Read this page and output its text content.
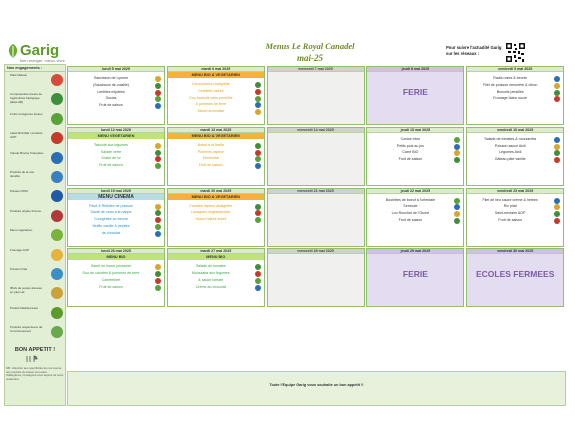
Garig
bien-manger, mieux-vivre
Menus Le Royal Canadel
mai-25
Pour suivre l'actualité Garig sur les réseaux :
Nos engagements :
Plats Maison
Composantes issues de l'agriculture biologique (label AB)
Fruits et légumes locaux
Label ROUGE / produits AOP
Viande Bovine Française
Produits de la mer durable
Poisson MSC
Produits origine France
Menu végétarien
Fromage AOP
Poisson frais
Œufs de poules élevées en plein air
Produit Méditerranée
Produits respectueux de l'environnement
BON APPETIT !
NB : Attention aux spécificités de nos menus, nos produits de saison ou locaux, d'allergènes, renseignez-vous auprès de votre restaurant.
lundi 5 mai 2025
Saucisson de Lyonne
(Saucisson de volaille)
Lentilles mijotées
Gouda
Fruit de saison
mardi 6 mai 2025
MENU BIO & VEGETARIEN
Concombres vinaigrette
Omelette nature
Duo haricots verts persillés
& pommes de terre
Yaourt aromatisé
mercredi 7 mai 2025	jeudi 8 mai 2025
FERIE
vendredi 9 mai 2025
Radis roses & beurre
Filet de poisson meunière & citron
Brocolis persillés
Fromage blanc sucré
lundi 12 mai 2025
MENU VEGETARIEN
Taboulé aux légumes
Salade verte
Gratin de riz
Fruit de saison
mardi 13 mai 2025
MENU BIO & VEGETARIEN
Boeuf à la ficelle
Pommes vapeur
Emmental
Fruit de saison
mercredi 14 mai 2025	jeudi 15 mai 2025
Cordon bleu
Petits pois au jus
Carré BIO
Fruit de saison
vendredi 16 mai 2025
Salade de tomates & mozzarella
Poisson sauce Aioli
Légumes Aioli
Gâteau pâte vanille
lundi 19 mai 2025
MENU CINEMA
Pavé & Rillettes de poisson
Sauté de veau à la nappe
Courgettes au beurre
Muffin vanille & pépites
de chocolat
mardi 20 mai 2025
MENU BIO & VEGETARIEN
Carottes râpées vinaigrette
Lasagnes végétariennes
Yaourt nature sucré
mercredi 21 mai 2025	jeudi 22 mai 2025
Boulettes de boeuf à l'orientale
Semoule
Lou Rouchet de l'Ouest
Fruit de saison
vendredi 23 mai 2025
Filet de lieu sauce crème & herbes
Riz pilaf
Saint-nectaire AOP
Fruit de saison
lundi 26 mai 2025
MENU BIO
Sauté de boeuf printanier
Duo de carottes & pommes de terre
Camembert
Fruit de saison
mardi 27 mai 2025
MENU BIO
Salade de tomates
Moussaka aux légumes
& sauce tomate
Crème au chocolat
mercredi 28 mai 2025	jeudi 29 mai 2025
FERIE
vendredi 30 mai 2025
ECOLES FERMEES
Toute l'Equipe Garig vous souhaite un bon appétit !!
